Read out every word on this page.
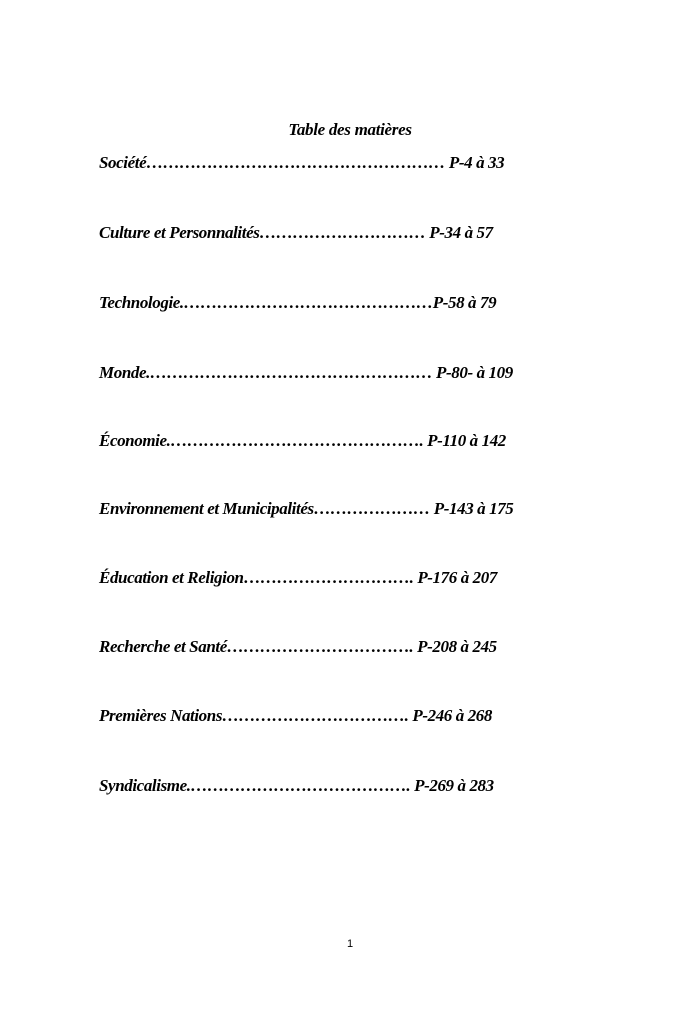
Table des matières
Société……………………………………………… P-4 à 33
Culture et Personnalités………………………… P-34 à 57
Technologie.………………………………………P-58 à 79
Monde.…………………………………………… P-80- à 109
Économie.………………………………………. P-110 à 142
Environnement et Municipalités………………… P-143 à 175
Éducation et Religion…………………………. P-176 à 207
Recherche et Santé……………………………. P-208 à 245
Premières Nations……………………………. P-246 à 268
Syndicalisme.…………………………………. P-269 à 283
1
